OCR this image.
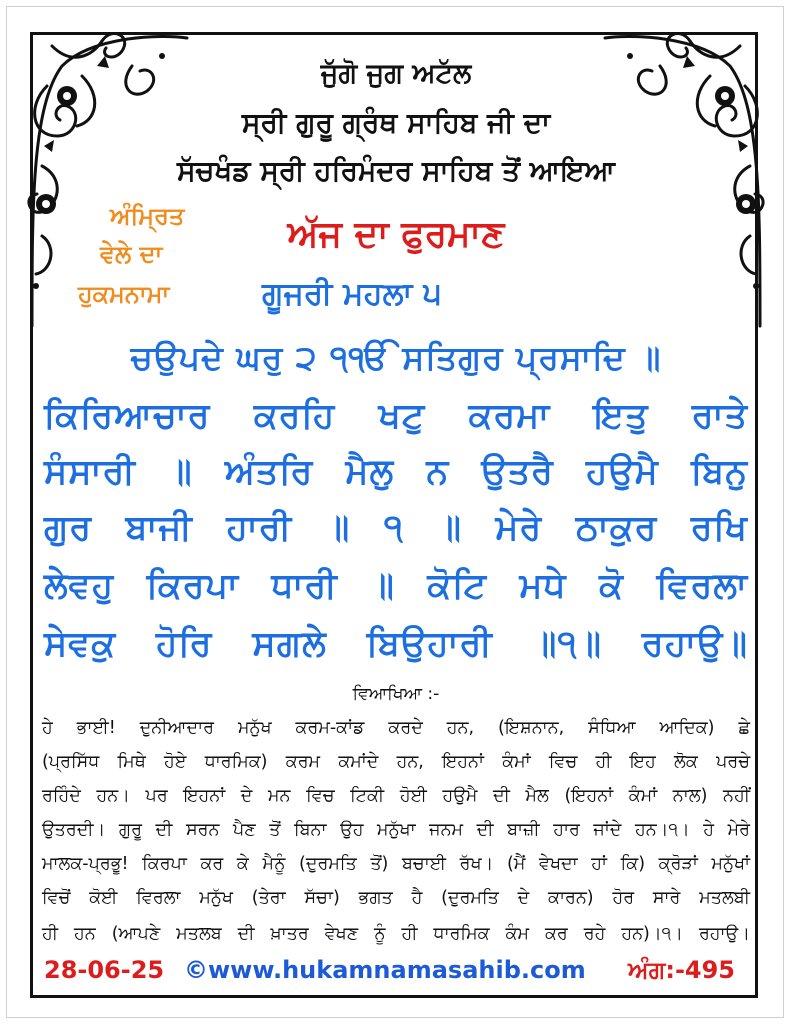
ਜੁੱਗੋ ਜੁਗ ਅਟੱਲ
ਸ੍ਰੀ ਗੁਰੂ ਗ੍ਰੰਥ ਸਾਹਿਬ ਜੀ ਦਾ
ਸੱਚਖੰਡ ਸ੍ਰੀ ਹਰਿਮੰਦਰ ਸਾਹਿਬ ਤੋਂ ਆਇਆ
ਅੰਮ੍ਰਿਤ
ਵੇਲੇ ਦਾ
ਹੁਕਮਨਾਮਾ
ਅੱਜ ਦਾ ਫੁਰਮਾਣ
ਗੂਜਰੀ ਮਹਲਾ ੫
ਚਉਪਦੇ ਘਰੁ ੨ ੧ੴ ਸਤਿਗੁਰ ਪ੍ਰਸਾਦਿ ॥
ਕਿਰਿਆਚਾਰ ਕਰਹਿ ਖਟੁ ਕਰਮਾ ਇਤੁ ਰਾਤੇ
ਸੰਸਾਰੀ ॥ ਅੰਤਰਿ ਮੈਲੁ ਨ ਉਤਰੈ ਹਉਮੈ ਬਿਨੁ
ਗੁਰ ਬਾਜੀ ਹਾਰੀ ॥ ੧ ॥ ਮੇਰੇ ਠਾਕੁਰ ਰਖਿ
ਲੇਵਹੁ ਕਿਰਪਾ ਧਾਰੀ ॥ ਕੋਟਿ ਮਧੇ ਕੋ ਵਿਰਲਾ
ਸੇਵਕੁ ਹੋਰਿ ਸਗਲੇ ਬਿਉਹਾਰੀ ॥੧॥ ਰਹਾਉ॥
ਵਿਆਖਿਆ :-
ਹੇ ਭਾਈ! ਦੁਨੀਆਦਾਰ ਮਨੁੱਖ ਕਰਮ-ਕਾਂਡ ਕਰਦੇ ਹਨ, (ਇਸ਼ਨਾਨ, ਸੰਧਿਆ ਆਦਿਕ) ਛੇ
(ਪ੍ਰਸਿੱਧ ਮਿਥੇ ਹੋਏ ਧਾਰਮਿਕ) ਕਰਮ ਕਮਾਂਦੇ ਹਨ, ਇਹਨਾਂ ਕੰਮਾਂ ਵਿਚ ਹੀ ਇਹ ਲੋਕ ਪਰਚੇ
ਰਹਿੰਦੇ ਹਨ। ਪਰ ਇਹਨਾਂ ਦੇ ਮਨ ਵਿਚ ਟਿਕੀ ਹੋਈ ਹਉਮੈ ਦੀ ਮੈਲ (ਇਹਨਾਂ ਕੰਮਾਂ ਨਾਲ) ਨਹੀਂ
ਉਤਰਦੀ। ਗੁਰੂ ਦੀ ਸਰਨ ਪੈਣ ਤੋਂ ਬਿਨਾ ਉਹ ਮਨੁੱਖਾ ਜਨਮ ਦੀ ਬਾਜ਼ੀ ਹਾਰ ਜਾਂਦੇ ਹਨ।੧। ਹੇ ਮੇਰੇ
ਮਾਲਕ-ਪ੍ਰਭੂ! ਕਿਰਪਾ ਕਰ ਕੇ ਮੈਨੂੰ (ਦੁਰਮਤਿ ਤੋਂ) ਬਚਾਈ ਰੱਖ। (ਮੈਂ ਵੇਖਦਾ ਹਾਂ ਕਿ) ਕ੍ਰੋੜਾਂ ਮਨੁੱਖਾਂ
ਵਿਚੋਂ ਕੋਈ ਵਿਰਲਾ ਮਨੁੱਖ (ਤੇਰਾ ਸੱਚਾ) ਭਗਤ ਹੈ (ਦੁਰਮਤਿ ਦੇ ਕਾਰਨ) ਹੋਰ ਸਾਰੇ ਮਤਲਬੀ
ਹੀ ਹਨ (ਆਪਣੇ ਮਤਲਬ ਦੀ ਖ਼ਾਤਰ ਵੇਖਣ ਨੂੰ ਹੀ ਧਾਰਮਿਕ ਕੰਮ ਕਰ ਰਹੇ ਹਨ)।੧। ਰਹਾਉ।
28-06-25 ©www.hukamnamasahib.com ਅੰਗ:-495
